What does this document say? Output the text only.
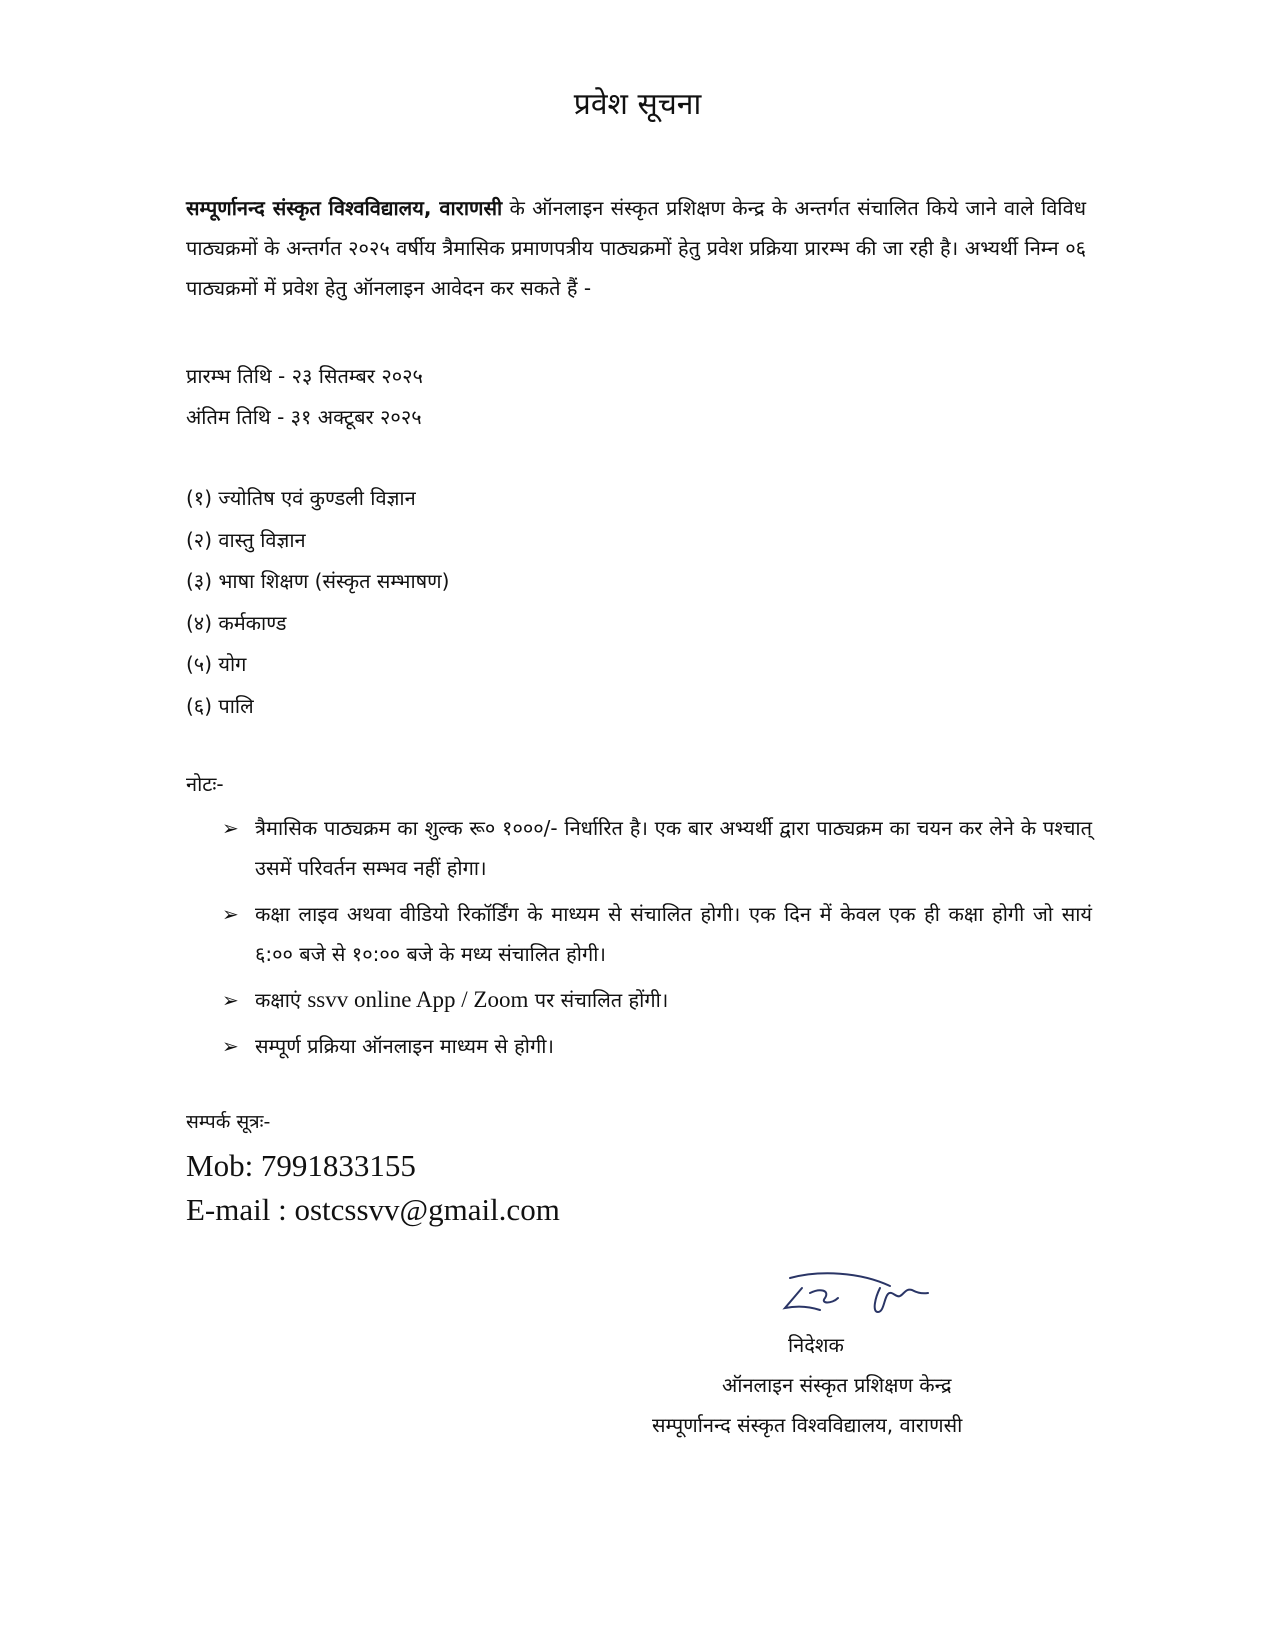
प्रवेश सूचना
सम्पूर्णानन्द संस्कृत विश्वविद्यालय, वाराणसी के ऑनलाइन संस्कृत प्रशिक्षण केन्द्र के अन्तर्गत संचालित किये जाने वाले विविध पाठ्यक्रमों के अन्तर्गत २०२५ वर्षीय त्रैमासिक प्रमाणपत्रीय पाठ्यक्रमों हेतु प्रवेश प्रक्रिया प्रारम्भ की जा रही है। अभ्यर्थी निम्न ०६ पाठ्यक्रमों में प्रवेश हेतु ऑनलाइन आवेदन कर सकते हैं -
प्रारम्भ तिथि - २३ सितम्बर २०२५
अंतिम तिथि - ३१ अक्टूबर २०२५
(१) ज्योतिष एवं कुण्डली विज्ञान
(२) वास्तु विज्ञान
(३) भाषा शिक्षण (संस्कृत सम्भाषण)
(४) कर्मकाण्ड
(५) योग
(६) पालि
नोटः-
➢ त्रैमासिक पाठ्यक्रम का शुल्क रू० १०००/- निर्धारित है। एक बार अभ्यर्थी द्वारा पाठ्यक्रम का चयन कर लेने के पश्चात् उसमें परिवर्तन सम्भव नहीं होगा।
➢ कक्षा लाइव अथवा वीडियो रिकॉर्डिंग के माध्यम से संचालित होगी। एक दिन में केवल एक ही कक्षा होगी जो सायं ६:०० बजे से १०:०० बजे के मध्य संचालित होगी।
➢ कक्षाएं ssvv online App / Zoom पर संचालित होंगी।
➢ सम्पूर्ण प्रक्रिया ऑनलाइन माध्यम से होगी।
सम्पर्क सूत्रः-
Mob: 7991833155
E-mail : ostcssvv@gmail.com
निदेशक
ऑनलाइन संस्कृत प्रशिक्षण केन्द्र
सम्पूर्णानन्द संस्कृत विश्वविद्यालय, वाराणसी
